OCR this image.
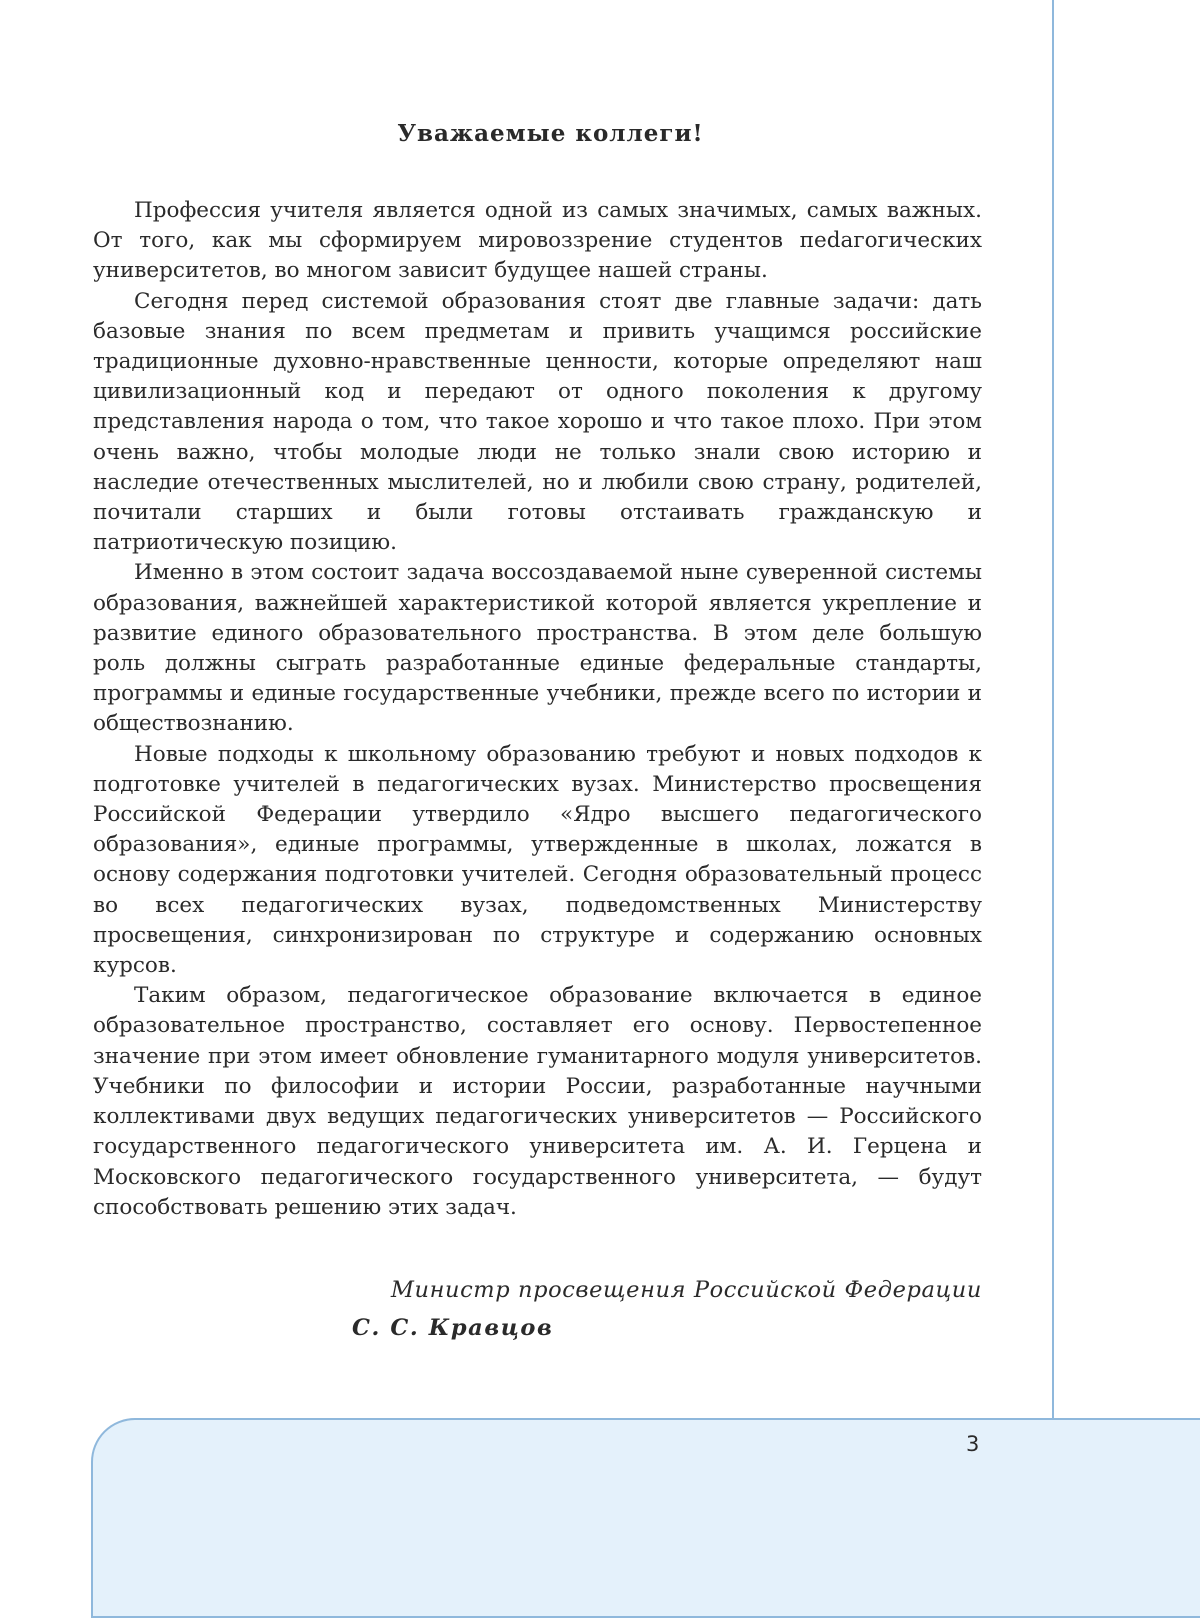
Уважаемые коллеги!

Профессия учителя является одной из самых значимых, самых важных. От того, как мы сформируем мировоззрение студентов пеdагогических университетов, во многом зависит будущее нашей страны.

Сегодня перед системой образования стоят две главные задачи: дать базовые знания по всем предметам и привить учащимся российские традиционные духовно-нравственные ценности, которые определяют наш цивилизационный код и передают от одного поколения к другому представления народа о том, что такое хорошо и что такое плохо. При этом очень важно, чтобы молодые люди не только знали свою историю и наследие отечественных мыслителей, но и любили свою страну, родителей, почитали старших и были готовы отстаивать гражданскую и патриотическую позицию.

Именно в этом состоит задача воссоздаваемой ныне суверенной системы образования, важнейшей характеристикой которой является укрепление и развитие единого образовательного пространства. В этом деле большую роль должны сыграть разработанные единые федеральные стандарты, программы и единые государственные учебники, прежде всего по истории и обществознанию.

Новые подходы к школьному образованию требуют и новых подходов к подготовке учителей в педагогических вузах. Министерство просвещения Российской Федерации утвердило «Ядро высшего педагогического образования», единые программы, утвержденные в школах, ложатся в основу содержания подготовки учителей. Сегодня образовательный процесс во всех педагогических вузах, подведомственных Министерству просвещения, синхронизирован по структуре и содержанию основных курсов.

Таким образом, педагогическое образование включается в единое образовательное пространство, составляет его основу. Первостепенное значение при этом имеет обновление гуманитарного модуля университетов. Учебники по философии и истории России, разработанные научными коллективами двух ведущих педагогических университетов — Российского государственного педагогического университета им. А. И. Герцена и Московского педагогического государственного университета, — будут способствовать решению этих задач.

Министр просвещения Российской Федерации
С. С. Кравцов
3
